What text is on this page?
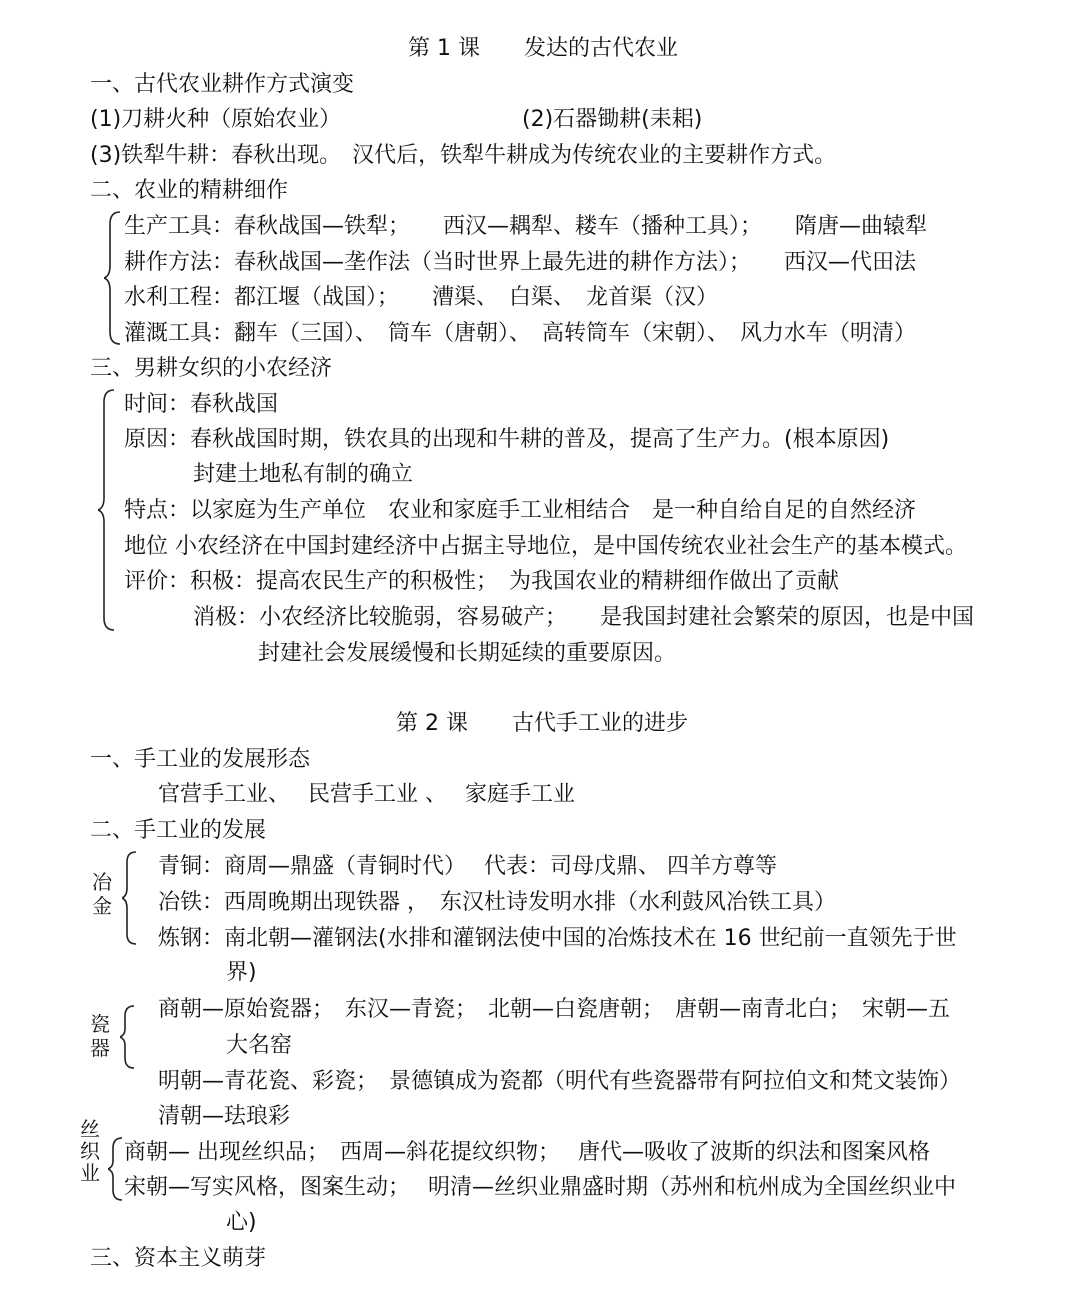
第 1 课　　发达的古代农业
一、古代农业耕作方式演变
(1)刀耕火种（原始农业）	(2)石器锄耕(耒耜)
(3)铁犁牛耕：春秋出现。　汉代后，铁犁牛耕成为传统农业的主要耕作方式。
二、农业的精耕细作
生产工具：春秋战国—铁犁；　　西汉—耦犁、耧车（播种工具）；　　隋唐—曲辕犁
耕作方法：春秋战国—垄作法（当时世界上最先进的耕作方法）；　　西汉—代田法
水利工程：都江堰（战国）；　　漕渠、　白渠、　龙首渠（汉）
灌溉工具：翻车（三国）、　筒车（唐朝）、　高转筒车（宋朝）、　风力水车（明清）
三、男耕女织的小农经济
时间：春秋战国
原因：春秋战国时期，铁农具的出现和牛耕的普及，提高了生产力。(根本原因)
封建土地私有制的确立
特点：以家庭为生产单位　农业和家庭手工业相结合　是一种自给自足的自然经济
地位 小农经济在中国封建经济中占据主导地位，是中国传统农业社会生产的基本模式。
评价：积极：提高农民生产的积极性；　为我国农业的精耕细作做出了贡献
消极：小农经济比较脆弱，容易破产；　　是我国封建社会繁荣的原因，也是中国
封建社会发展缓慢和长期延续的重要原因。
第 2 课　　古代手工业的进步
一、手工业的发展形态
官营手工业、　 民营手工业 、　 家庭手工业
二、手工业的发展
冶金
青铜：商周—鼎盛（青铜时代）　 代表：司母戊鼎、 四羊方尊等
冶铁：西周晚期出现铁器 ，　东汉杜诗发明水排（水利鼓风冶铁工具）
炼钢：南北朝—灌钢法(水排和灌钢法使中国的冶炼技术在 16 世纪前一直领先于世
界)
瓷器
商朝—原始瓷器；　东汉—青瓷；　北朝—白瓷唐朝；　唐朝—南青北白；　宋朝—五
大名窑
明朝—青花瓷、彩瓷；　景德镇成为瓷都（明代有些瓷器带有阿拉伯文和梵文装饰）
清朝—珐琅彩
丝织业
商朝— 出现丝织品；　西周—斜花提纹织物；　 唐代—吸收了波斯的织法和图案风格
宋朝—写实风格，图案生动；　 明清—丝织业鼎盛时期（苏州和杭州成为全国丝织业中
心)
三、资本主义萌芽
